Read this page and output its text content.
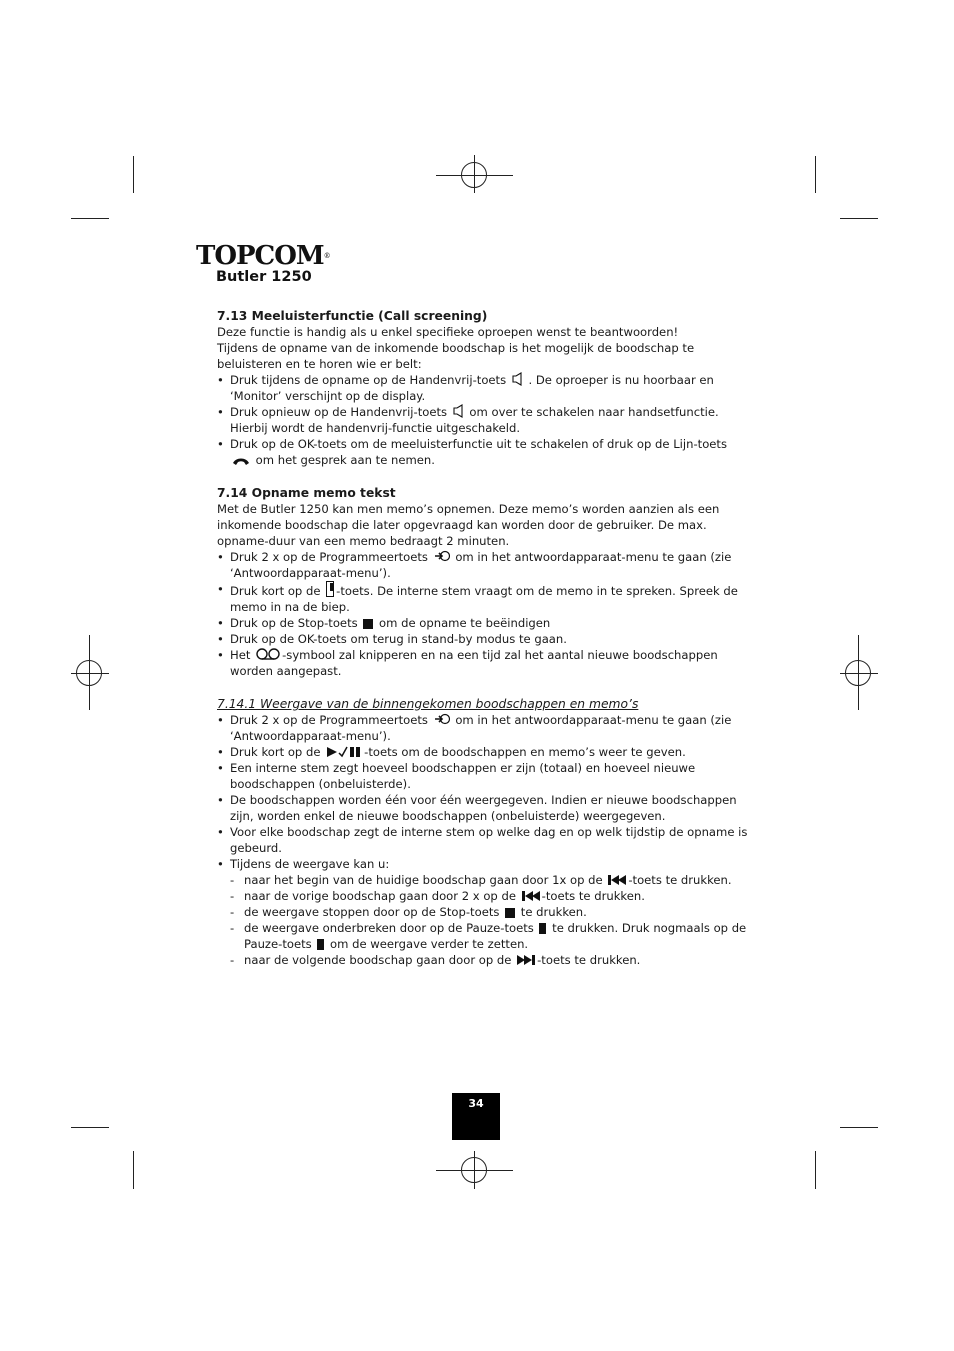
TOPCOM®
Butler 1250
7.13 Meeluisterfunctie (Call screening)

Deze functie is handig als u enkel specifieke oproepen wenst te beantwoorden!

Tijdens de opname van de inkomende boodschap is het mogelijk de boodschap te beluisteren en te horen wie er belt:

• Druk tijdens de opname op de Handenvrij-toets
. De oproeper is nu hoorbaar en ‘Monitor’ verschijnt op de display.
• Druk opnieuw op de Handenvrij-toets
om over te schakelen naar handsetfunctie. Hierbij wordt de handenvrij-functie uitgeschakeld.
• Druk op de OK-toets om de meeluisterfunctie uit te schakelen of druk op de Lijn-toets
om het gesprek aan te nemen.
7.14 Opname memo tekst

Met de Butler 1250 kan men memo’s opnemen. Deze memo’s worden aanzien als een inkomende boodschap die later opgevraagd kan worden door de gebruiker. De max. opname-duur van een memo bedraagt 2 minuten.

• Druk 2 x op de Programmeertoets
om in het antwoordapparaat-menu te gaan (zie ‘Antwoordapparaat-menu’).
• Druk kort op de
-toets. De interne stem vraagt om de memo in te spreken. Spreek de memo in na de biep.
• Druk op de Stop-toets
om de opname te beëindigen
• Druk op de OK-toets om terug in stand-by modus te gaan.
• Het
-symbool zal knipperen en na een tijd zal het aantal nieuwe boodschappen worden aangepast.
7.14.1 Weergave van de binnengekomen boodschappen en memo’s
• Druk 2 x op de Programmeertoets
om in het antwoordapparaat-menu te gaan (zie ‘Antwoordapparaat-menu’).
• Druk kort op de	-toets om de boodschappen en memo’s weer te geven.
• Een interne stem zegt hoeveel boodschappen er zijn (totaal) en hoeveel nieuwe boodschappen (onbeluisterde).
• De boodschappen worden één voor één weergegeven. Indien er nieuwe boodschappen zijn, worden enkel de nieuwe boodschappen (onbeluisterde) weergegeven.
• Voor elke boodschap zegt de interne stem op welke dag en op welk tijdstip de opname is gebeurd.
• Tijdens de weergave kan u:
- naar het begin van de huidige boodschap gaan door 1x op de
-toets te drukken.
- naar de vorige boodschap gaan door 2 x op de
-toets te drukken.
- de weergave stoppen door op de Stop-toets
te drukken.
- de weergave onderbreken door op de Pauze-toets
te drukken. Druk nogmaals op de Pauze-toets
om de weergave verder te zetten.
- naar de volgende boodschap gaan door op de
-toets te drukken.
34
